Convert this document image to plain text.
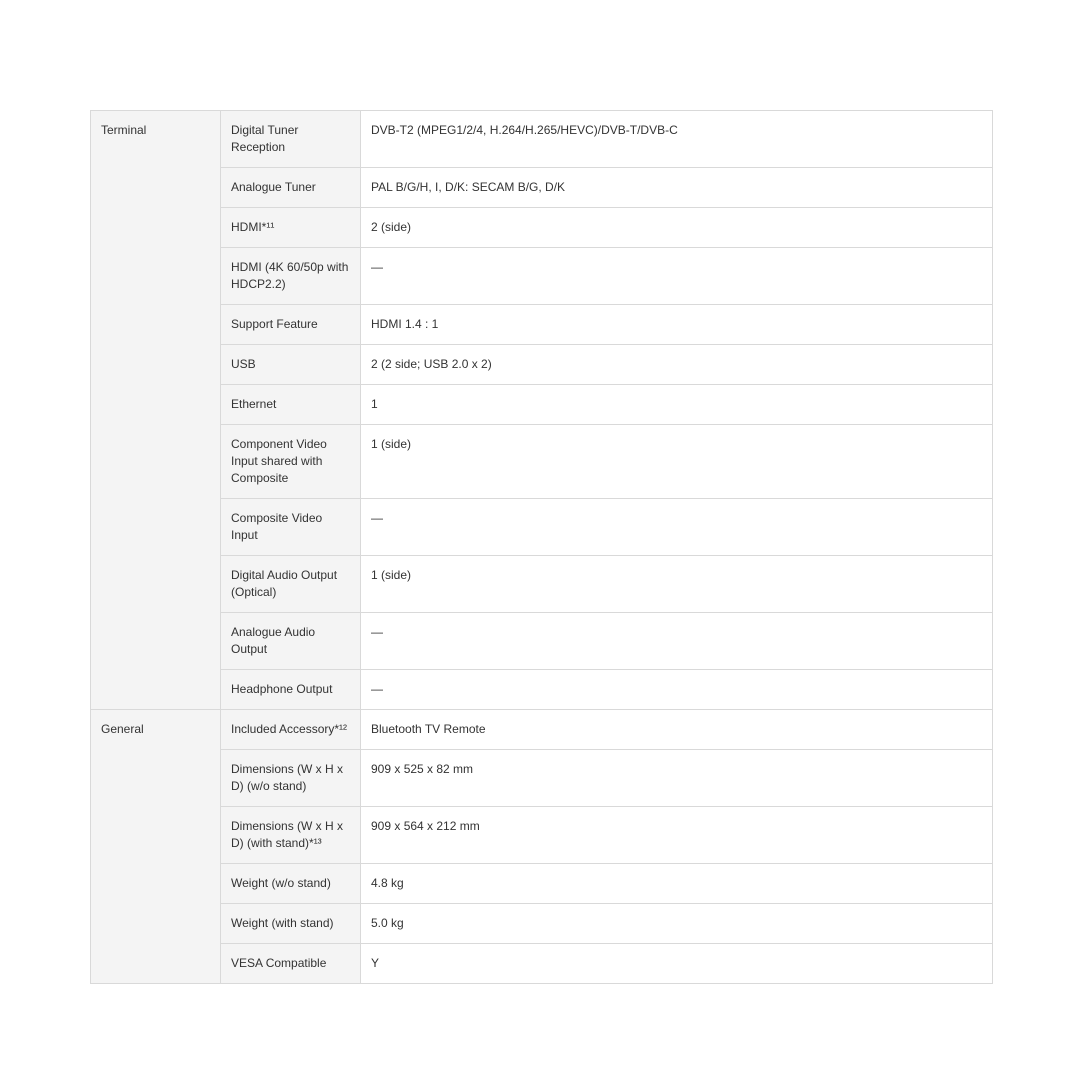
Terminal	Digital Tuner Reception	DVB-T2 (MPEG1/2/4, H.264/H.265/HEVC)/DVB-T/DVB-C
	Analogue Tuner	PAL B/G/H, I, D/K: SECAM B/G, D/K
	HDMI*¹¹	2 (side)
	HDMI (4K 60/50p with HDCP2.2)	—
	Support Feature	HDMI 1.4 : 1
	USB	2 (2 side; USB 2.0 x 2)
	Ethernet	1
	Component Video Input shared with Composite	1 (side)
	Composite Video Input	—
	Digital Audio Output (Optical)	1 (side)
	Analogue Audio Output	—
	Headphone Output	—
General	Included Accessory*¹²	Bluetooth TV Remote
	Dimensions (W x H x D) (w/o stand)	909 x 525 x 82 mm
	Dimensions (W x H x D) (with stand)*¹³	909 x 564 x 212 mm
	Weight (w/o stand)	4.8 kg
	Weight (with stand)	5.0 kg
	VESA Compatible	Y
